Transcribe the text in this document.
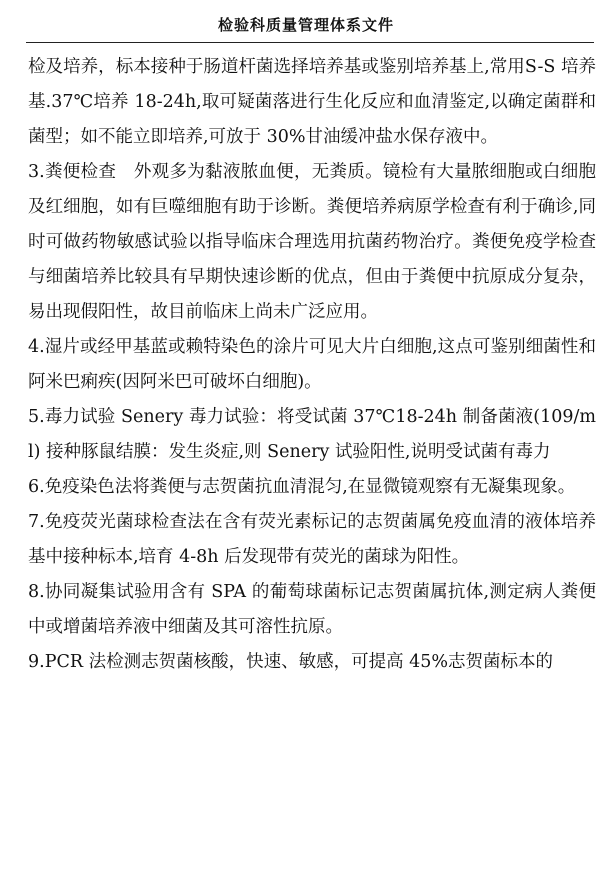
检验科质量管理体系文件

检及培养，标本接种于肠道杆菌选择培养基或鉴别培养基上,常用S-S 培养基.37℃培养 18-24h,取可疑菌落进行生化反应和血清鉴定,以确定菌群和菌型；如不能立即培养,可放于 30%甘油缓冲盐水保存液中。

3.粪便检查　外观多为黏液脓血便，无粪质。镜检有大量脓细胞或白细胞及红细胞，如有巨噬细胞有助于诊断。粪便培养病原学检查有利于确诊,同时可做药物敏感试验以指导临床合理选用抗菌药物治疗。粪便免疫学检查与细菌培养比较具有早期快速诊断的优点，但由于粪便中抗原成分复杂，易出现假阳性，故目前临床上尚未广泛应用。

4.湿片或经甲基蓝或赖特染色的涂片可见大片白细胞,这点可鉴别细菌性和阿米巴痢疾(因阿米巴可破坏白细胞)。

5.毒力试验 Senery 毒力试验：将受试菌 37℃18-24h 制备菌液(109/ml) 接种豚鼠结膜：发生炎症,则 Senery 试验阳性,说明受试菌有毒力

6.免疫染色法将粪便与志贺菌抗血清混匀,在显微镜观察有无凝集现象。

7.免疫荧光菌球检查法在含有荧光素标记的志贺菌属免疫血清的液体培养基中接种标本,培育 4-8h 后发现带有荧光的菌球为阳性。

8.协同凝集试验用含有 SPA 的葡萄球菌标记志贺菌属抗体,测定病人粪便中或增菌培养液中细菌及其可溶性抗原。

9.PCR 法检测志贺菌核酸，快速、敏感，可提高 45%志贺菌标本的
